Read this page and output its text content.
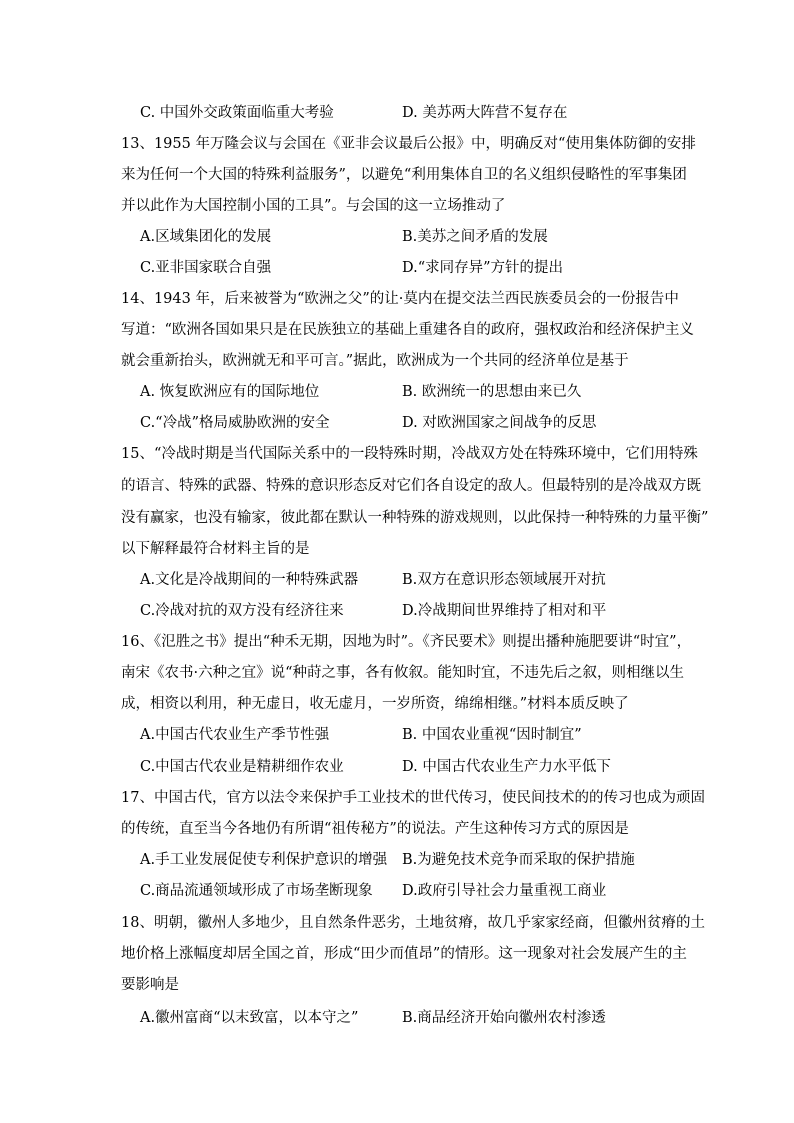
C. 中国外交政策面临重大考验	D. 美苏两大阵营不复存在
13、1955 年万隆会议与会国在《亚非会议最后公报》中，明确反对“使用集体防御的安排
来为任何一个大国的特殊利益服务”，以避免“利用集体自卫的名义组织侵略性的军事集团
并以此作为大国控制小国的工具”。与会国的这一立场推动了
A.区域集团化的发展	B.美苏之间矛盾的发展
C.亚非国家联合自强	D.“求同存异”方针的提出
14、1943 年，后来被誉为“欧洲之父”的让·莫内在提交法兰西民族委员会的一份报告中
写道：“欧洲各国如果只是在民族独立的基础上重建各自的政府，强权政治和经济保护主义
就会重新抬头，欧洲就无和平可言。”据此，欧洲成为一个共同的经济单位是基于
A. 恢复欧洲应有的国际地位	B. 欧洲统一的思想由来已久
C.“冷战”格局威胁欧洲的安全	D. 对欧洲国家之间战争的反思
15、“冷战时期是当代国际关系中的一段特殊时期，冷战双方处在特殊环境中，它们用特殊
的语言、特殊的武器、特殊的意识形态反对它们各自设定的敌人。但最特别的是冷战双方既
没有赢家，也没有输家，彼此都在默认一种特殊的游戏规则，以此保持一种特殊的力量平衡”
以下解释最符合材料主旨的是
A.文化是冷战期间的一种特殊武器	B.双方在意识形态领域展开对抗
C.冷战对抗的双方没有经济往来	D.冷战期间世界维持了相对和平
16、《氾胜之书》提出“种禾无期，因地为时”。《齐民要术》则提出播种施肥要讲“时宜”，
南宋《农书·六种之宜》说“种莳之事，各有攸叙。能知时宜，不违先后之叙，则相继以生
成，相资以利用，种无虚日，收无虚月，一岁所资，绵绵相继。”材料本质反映了
A.中国古代农业生产季节性强	B. 中国农业重视“因时制宜”
C.中国古代农业是精耕细作农业	D. 中国古代农业生产力水平低下
17、中国古代，官方以法令来保护手工业技术的世代传习，使民间技术的的传习也成为顽固
的传统，直至当今各地仍有所谓“祖传秘方”的说法。产生这种传习方式的原因是
A.手工业发展促使专利保护意识的增强 B.为避免技术竞争而采取的保护措施
C.商品流通领域形成了市场垄断现象 D.政府引导社会力量重视工商业
18、明朝，徽州人多地少，且自然条件恶劣，土地贫瘠，故几乎家家经商，但徽州贫瘠的土
地价格上涨幅度却居全国之首，形成“田少而值昂”的情形。这一现象对社会发展产生的主
要影响是
A.徽州富商“以末致富，以本守之”	B.商品经济开始向徽州农村渗透
